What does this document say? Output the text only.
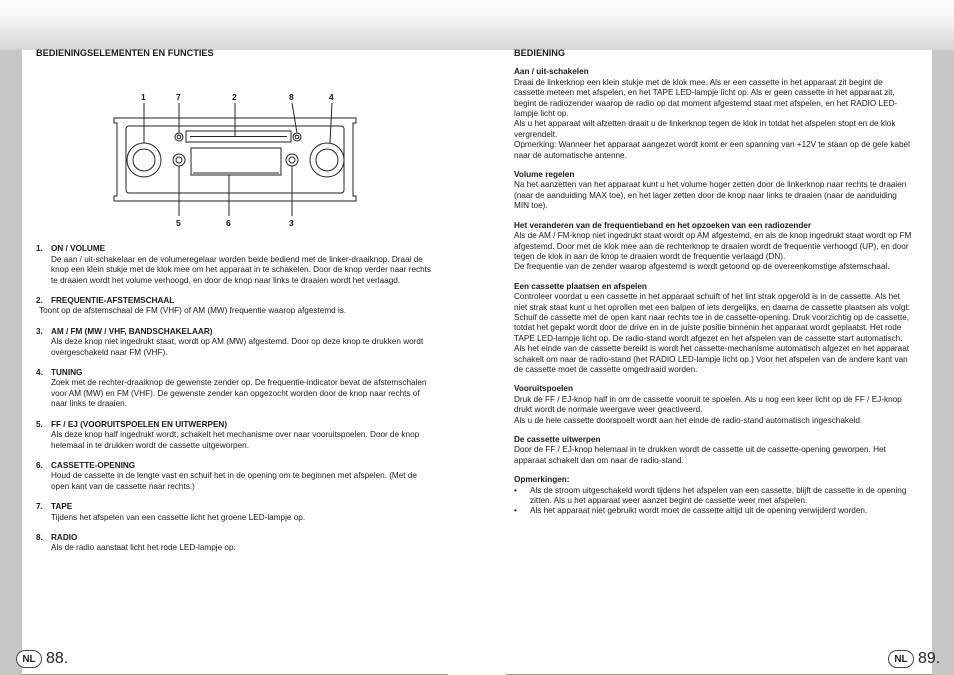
BEDIENINGSELEMENTEN EN FUNCTIES
1	7	2	8	4
5	6	3
1. ON / VOLUME

De aan / uit-schakelaar en de volumeregelaar worden beide bediend met de linker-draaiknop. Draai de knop een klein stukje met de klok mee om het apparaat in te schakelen. Door de knop verder naar rechts te draaien wordt het volume verhoogd, en door de knop naar links te draaien wordt het verlaagd.

2. FREQUENTIE-AFSTEMSCHAAL

Toont op de afstemschaal de FM (VHF) of AM (MW) frequentie waarop afgestemd is.

3. AM / FM (MW / VHF, BANDSCHAKELAAR)

Als deze knop niet ingedrukt staat, wordt op AM (MW) afgestemd. Door op deze knop te drukken wordt overgeschakeld naar FM (VHF).

4. TUNING

Zoek met de rechter-draaiknop de gewenste zender op. De frequentie-indicator bevat de afstemschalen voor AM (MW) en FM (VHF). De gewenste zender kan opgezocht worden door de knop naar rechts of naar links te draaien.

5. FF / EJ (VOORUITSPOELEN EN UITWERPEN)

Als deze knop half ingedrukt wordt, schakelt het mechanisme over naar vooruitspoelen. Door de knop helemaal in te drukken wordt de cassette uitgeworpen.

6. CASSETTE-OPENING

Houd de cassette in de lengte vast en schuif het in de opening om te beginnen met afspelen. (Met de open kant van de cassette naar rechts.)

7. TAPE

Tijdens het afspelen van een cassette licht het groene LED-lampje op.

8. RADIO

Als de radio aanstaat licht het rode LED-lampje op.

BEDIENING
Aan / uit-schakelen

Draai de linkerknop een klein stukje met de klok mee. Als er een cassette in het apparaat zit begint de cassette meteen met afspelen, en het TAPE LED-lampje licht op. Als er geen cassette in het apparaat zit, begint de radiozender waarop de radio op dat moment afgestemd staat met afspelen, en het RADIO LED-lampje licht op.

Als u het apparaat wilt afzetten draait u de linkerknop tegen de klok in totdat het afspelen stopt en de klok vergrendelt.

Opmerking: Wanneer het apparaat aangezet wordt komt er een spanning van +12V te staan op de gele kabel naar de automatische antenne.

Volume regelen

Na het aanzetten van het apparaat kunt u het volume hoger zetten door de linkerknop naar rechts te draaien (naar de aanduiding MAX toe), en het lager zetten door de knop naar links te draaien (naar de aanduiding MIN toe).

Het veranderen van de frequentieband en het opzoeken van een radiozender

Als de AM / FM-knop niet ingedrukt staat wordt op AM afgestemd, en als de knop ingedrukt staat wordt op FM afgestemd. Door met de klok mee aan de rechterknop te draaien wordt de frequentie verhoogd (UP), en door tegen de klok in aan de knop te draaien wordt de frequentie verlaagd (DN).

De frequentie van de zender waarop afgestemd is wordt getoond op de overeenkomstige afstemschaal.

Een cassette plaatsen en afspelen

Controleer voordat u een cassette in het apparaat schuift of het lint strak opgerold is in de cassette. Als het niet strak staat kunt u het oprollen met een balpen of iets dergelijks, en daarna de cassette plaatsen als volgt:

Schuif de cassette met de open kant naar rechts toe in de cassette-opening. Druk voorzichtig op de cassette, totdat het gepakt wordt door de drive en in de juiste positie binnenin het apparaat wordt geplaatst. Het rode TAPE LED-lampje licht op. De radio-stand wordt afgezet en het afspelen van de cassette start automatisch.

Als het einde van de cassette bereikt is wordt het cassette-mechanisme automatisch afgezet en het apparaat schakelt om naar de radio-stand (het RADIO LED-lampje licht op.) Voor het afspelen van de andere kant van de cassette moet de cassette omgedraaid worden.

Vooruitspoelen

Druk de FF / EJ-knop half in om de cassette vooruit te spoelen. Als u nog een keer licht op de FF / EJ-knop drukt wordt de normale weergave weer geactiveerd.

Als u de hele cassette doorspoelt wordt aan het einde de radio-stand automatisch ingeschakeld.

De cassette uitwerpen

Door de FF / EJ-knop helemaal in te drukken wordt de cassette uit de cassette-opening geworpen. Het apparaat schakelt dan om naar de radio-stand.

Opmerkingen:
• Als de stroom uitgeschakeld wordt tijdens het afspelen van een cassette, blijft de cassette in de opening zitten. Als u het apparaat weer aanzet begint de cassette weer met afspelen.
• Als het apparaat niet gebruikt wordt moet de cassette altijd uit de opening verwijderd worden.
NL 88.	NL 89.
